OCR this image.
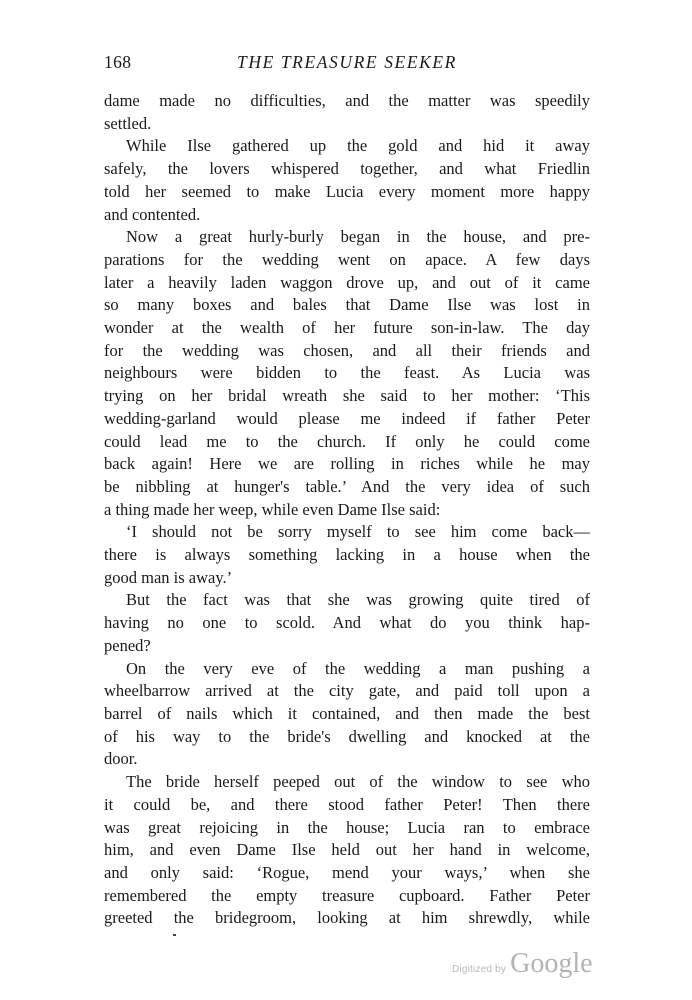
168	THE TREASURE SEEKER

dame made no difficulties, and the matter was speedily
settled.

While Ilse gathered up the gold and hid it away
safely, the lovers whispered together, and what Friedlin
told her seemed to make Lucia every moment more happy
and contented.

Now a great hurly-burly began in the house, and pre-
parations for the wedding went on apace. A few days
later a heavily laden waggon drove up, and out of it came
so many boxes and bales that Dame Ilse was lost in
wonder at the wealth of her future son-in-law. The day
for the wedding was chosen, and all their friends and
neighbours were bidden to the feast. As Lucia was
trying on her bridal wreath she said to her mother: ‘This
wedding-garland would please me indeed if father Peter
could lead me to the church. If only he could come
back again! Here we are rolling in riches while he may
be nibbling at hunger's table.’ And the very idea of such
a thing made her weep, while even Dame Ilse said:

‘I should not be sorry myself to see him come back—
there is always something lacking in a house when the
good man is away.’

But the fact was that she was growing quite tired of
having no one to scold. And what do you think hap-
pened?

On the very eve of the wedding a man pushing a
wheelbarrow arrived at the city gate, and paid toll upon a
barrel of nails which it contained, and then made the best
of his way to the bride's dwelling and knocked at the
door.

The bride herself peeped out of the window to see who
it could be, and there stood father Peter! Then there
was great rejoicing in the house; Lucia ran to embrace
him, and even Dame Ilse held out her hand in welcome,
and only said: ‘Rogue, mend your ways,’ when she
remembered the empty treasure cupboard. Father Peter
greeted the bridegroom, looking at him shrewdly, while

Digitized by Google
